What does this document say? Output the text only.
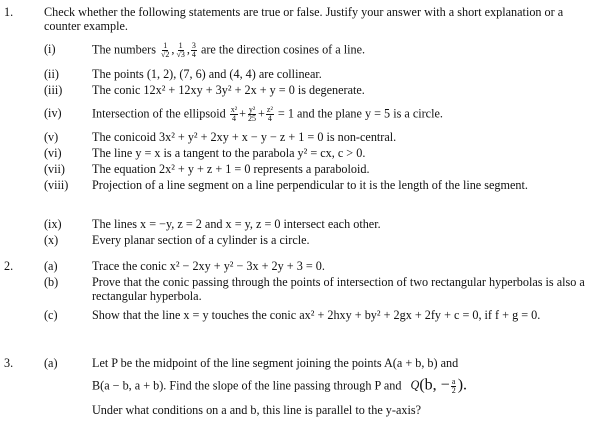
1.	Check whether the following statements are true or false. Justify your answer with a short explanation or a counter example.
(i)	The numbers $\frac{1}{√2}$ , $\frac{1}{√3}$ , $\frac{3}{4}$ are the direction cosines of a line.
(ii)	The points (1, 2), (7, 6) and (4, 4) are collinear.
(iii)	The conic 12x² + 12xy + 3y² + 2x + y = 0 is degenerate.
(iv)	Intersection of the ellipsoid $\frac{\text{x²}}{4} + \frac{\text{y²}}{25} + \frac{\text{z²}}{4} = 1$ and the plane y = 5 is a circle.
(v)	The conicoid 3x² + y² + 2xy + x − y − z + 1 = 0 is non-central.
(vi)	The line y = x is a tangent to the parabola y² = cx, c > 0.
(vii)	The equation 2x² + y + z + 1 = 0 represents a paraboloid.
(viii)	Projection of a line segment on a line perpendicular to it is the length of the line segment.
(ix)	The lines x = −y, z = 2 and x = y, z = 0 intersect each other.
(x)	Every planar section of a cylinder is a circle.
2.	(a)	Trace the conic x² − 2xy + y² − 3x + 2y + 3 = 0.
(b)	Prove that the conic passing through the points of intersection of two rectangular hyperbolas is also a rectangular hyperbola.
(c)	Show that the line x = y touches the conic ax² + 2hxy + by² + 2gx + 2fy + c = 0, if f + g = 0.
3.	(a)	Let P be the midpoint of the line segment joining the points A(a + b, b) and
B(a − b, a + b). Find the slope of the line passing through P and Q(b, − $\frac{a}{2}$ ).
Under what conditions on a and b, this line is parallel to the y-axis?
